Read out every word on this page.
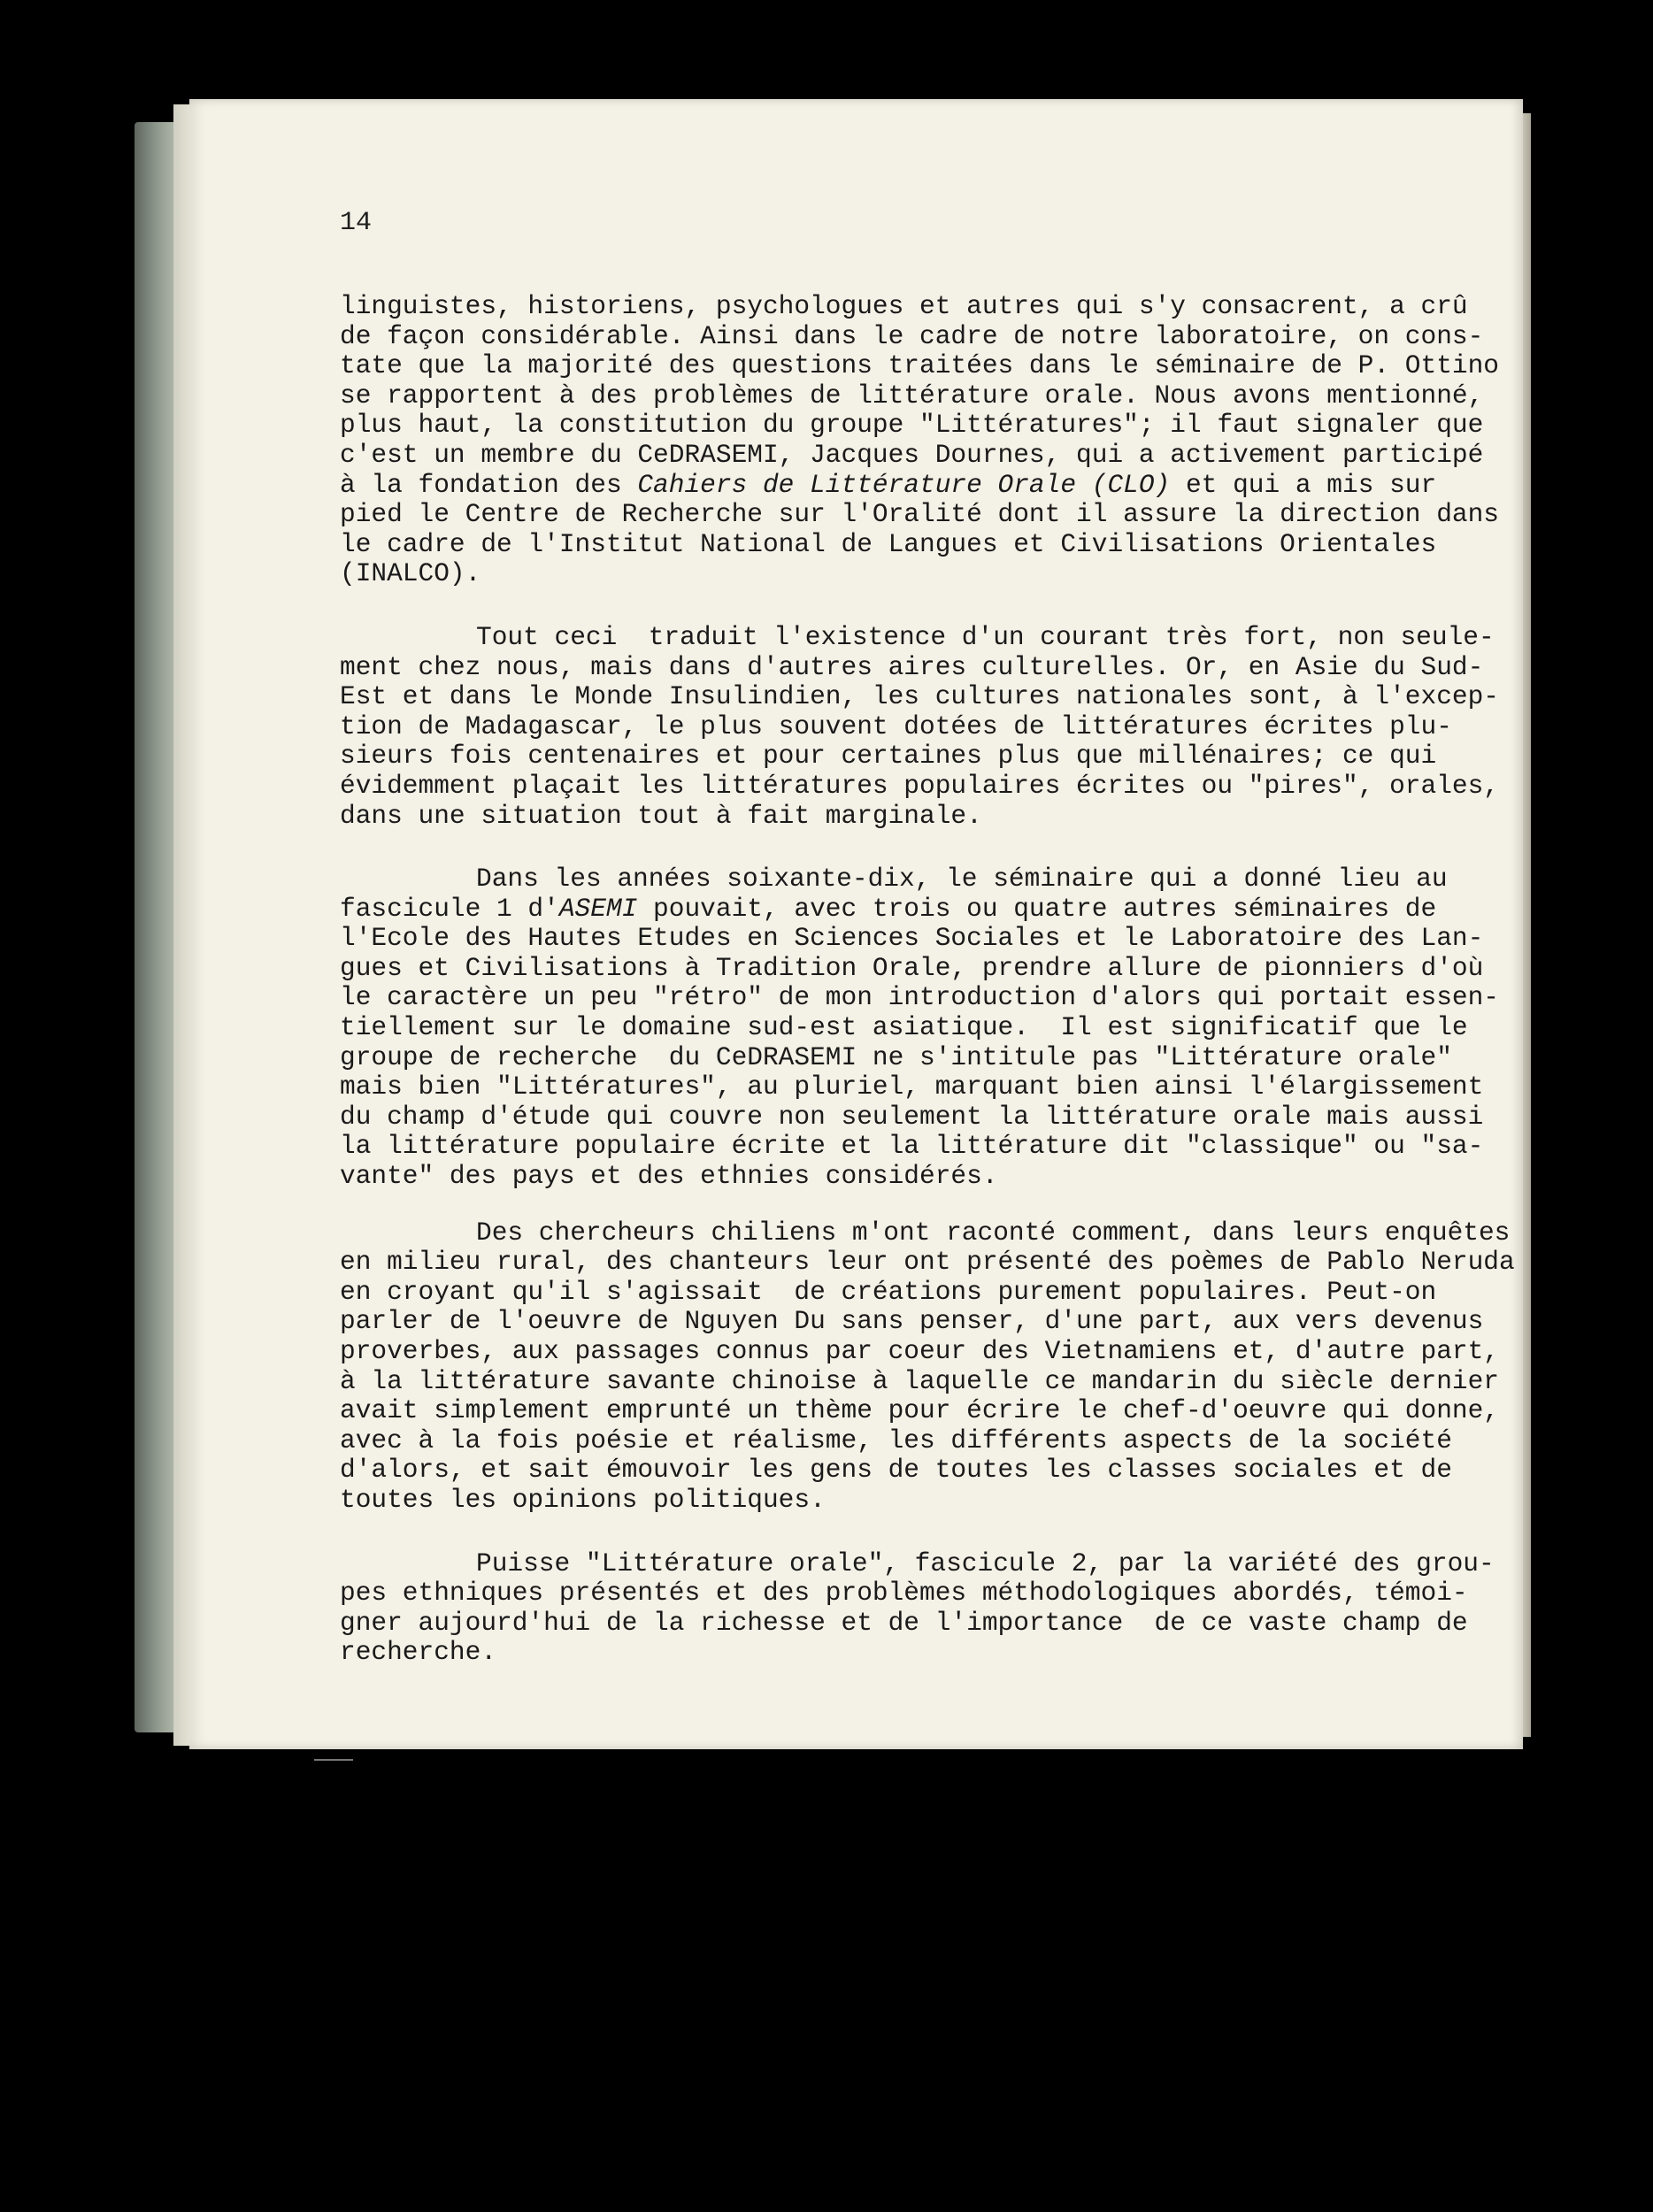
14

linguistes, historiens, psychologues et autres qui s'y consacrent, a crû
de façon considérable. Ainsi dans le cadre de notre laboratoire, on cons-
tate que la majorité des questions traitées dans le séminaire de P. Ottino
se rapportent à des problèmes de littérature orale. Nous avons mentionné,
plus haut, la constitution du groupe "Littératures"; il faut signaler que
c'est un membre du CeDRASEMI, Jacques Dournes, qui a activement participé
à la fondation des Cahiers de Littérature Orale (CLO) et qui a mis sur
pied le Centre de Recherche sur l'Oralité dont il assure la direction dans
le cadre de l'Institut National de Langues et Civilisations Orientales
(INALCO).

Tout ceci  traduit l'existence d'un courant très fort, non seule-
ment chez nous, mais dans d'autres aires culturelles. Or, en Asie du Sud-
Est et dans le Monde Insulindien, les cultures nationales sont, à l'excep-
tion de Madagascar, le plus souvent dotées de littératures écrites plu-
sieurs fois centenaires et pour certaines plus que millénaires; ce qui
évidemment plaçait les littératures populaires écrites ou "pires", orales,
dans une situation tout à fait marginale.

Dans les années soixante-dix, le séminaire qui a donné lieu au
fascicule 1 d'ASEMI pouvait, avec trois ou quatre autres séminaires de
l'Ecole des Hautes Etudes en Sciences Sociales et le Laboratoire des Lan-
gues et Civilisations à Tradition Orale, prendre allure de pionniers d'où
le caractère un peu "rétro" de mon introduction d'alors qui portait essen-
tiellement sur le domaine sud-est asiatique.  Il est significatif que le
groupe de recherche  du CeDRASEMI ne s'intitule pas "Littérature orale"
mais bien "Littératures", au pluriel, marquant bien ainsi l'élargissement
du champ d'étude qui couvre non seulement la littérature orale mais aussi
la littérature populaire écrite et la littérature dit "classique" ou "sa-
vante" des pays et des ethnies considérés.

Des chercheurs chiliens m'ont raconté comment, dans leurs enquêtes
en milieu rural, des chanteurs leur ont présenté des poèmes de Pablo Neruda
en croyant qu'il s'agissait  de créations purement populaires. Peut-on
parler de l'oeuvre de Nguyen Du sans penser, d'une part, aux vers devenus
proverbes, aux passages connus par coeur des Vietnamiens et, d'autre part,
à la littérature savante chinoise à laquelle ce mandarin du siècle dernier
avait simplement emprunté un thème pour écrire le chef-d'oeuvre qui donne,
avec à la fois poésie et réalisme, les différents aspects de la société
d'alors, et sait émouvoir les gens de toutes les classes sociales et de
toutes les opinions politiques.

Puisse "Littérature orale", fascicule 2, par la variété des grou-
pes ethniques présentés et des problèmes méthodologiques abordés, témoi-
gner aujourd'hui de la richesse et de l'importance  de ce vaste champ de
recherche.
